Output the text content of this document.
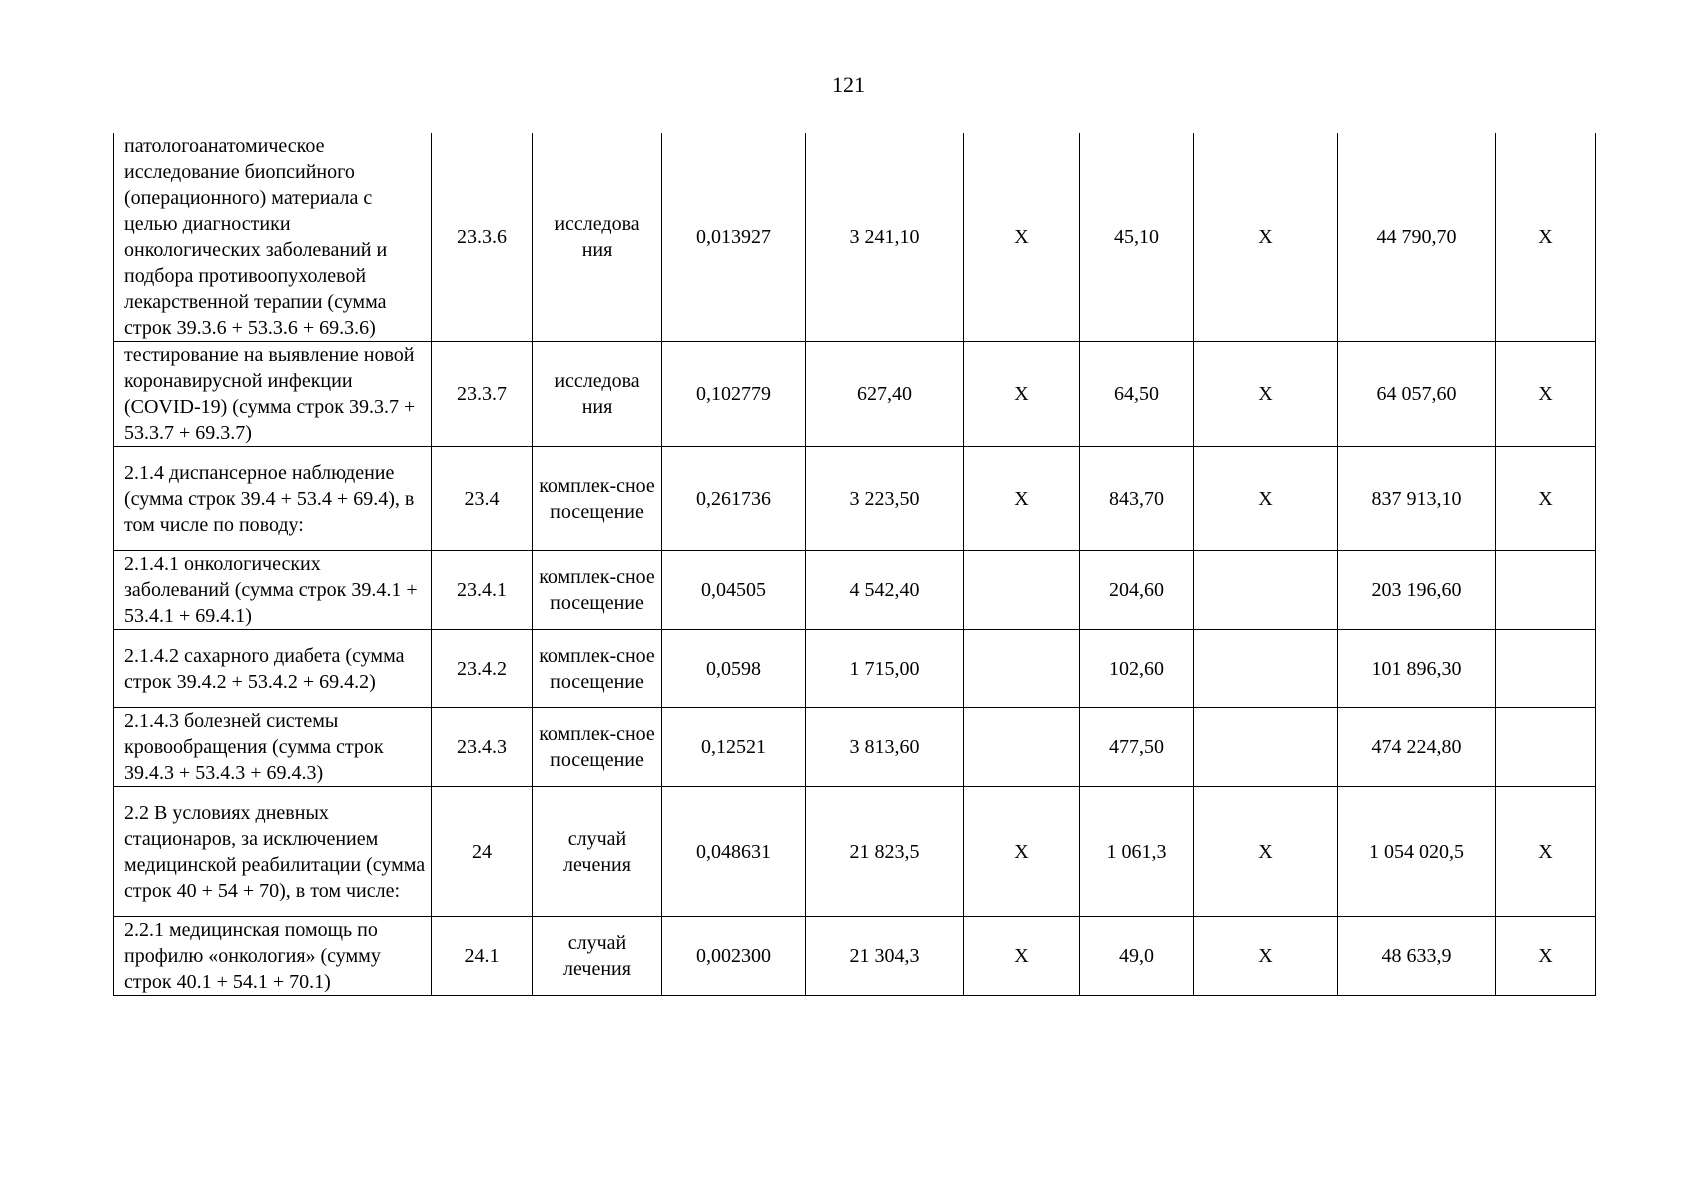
121
патологоанатомическое исследование биопсийного (операционного) материала с целью диагностики онкологических заболеваний и подбора противоопухолевой лекарственной терапии (сумма строк 39.3.6 + 53.3.6 + 69.3.6)	23.3.6	исследова ния	0,013927	3 241,10	Х	45,10	Х	44 790,70	Х
тестирование на выявление новой коронавирусной инфекции (COVID-19) (сумма строк 39.3.7 + 53.3.7 + 69.3.7)	23.3.7	исследова ния	0,102779	627,40	Х	64,50	Х	64 057,60	Х
2.1.4 диспансерное наблюдение (сумма строк 39.4 + 53.4 + 69.4), в том числе по поводу:	23.4	комплек-сное посещение	0,261736	3 223,50	Х	843,70	Х	837 913,10	Х
2.1.4.1 онкологических заболеваний (сумма строк 39.4.1 + 53.4.1 + 69.4.1)	23.4.1	комплек-сное посещение	0,04505	4 542,40		204,60		203 196,60	
2.1.4.2 сахарного диабета (сумма строк 39.4.2 + 53.4.2 + 69.4.2)	23.4.2	комплек-сное посещение	0,0598	1 715,00		102,60		101 896,30	
2.1.4.3 болезней системы кровообращения (сумма строк 39.4.3 + 53.4.3 + 69.4.3)	23.4.3	комплек-сное посещение	0,12521	3 813,60		477,50		474 224,80	
2.2 В условиях дневных стационаров, за исключением медицинской реабилитации (сумма строк 40 + 54 + 70), в том числе:	24	случай лечения	0,048631	21 823,5	Х	1 061,3	Х	1 054 020,5	Х
2.2.1 медицинская помощь по профилю «онкология» (сумму строк 40.1 + 54.1 + 70.1)	24.1	случай лечения	0,002300	21 304,3	Х	49,0	Х	48 633,9	Х
